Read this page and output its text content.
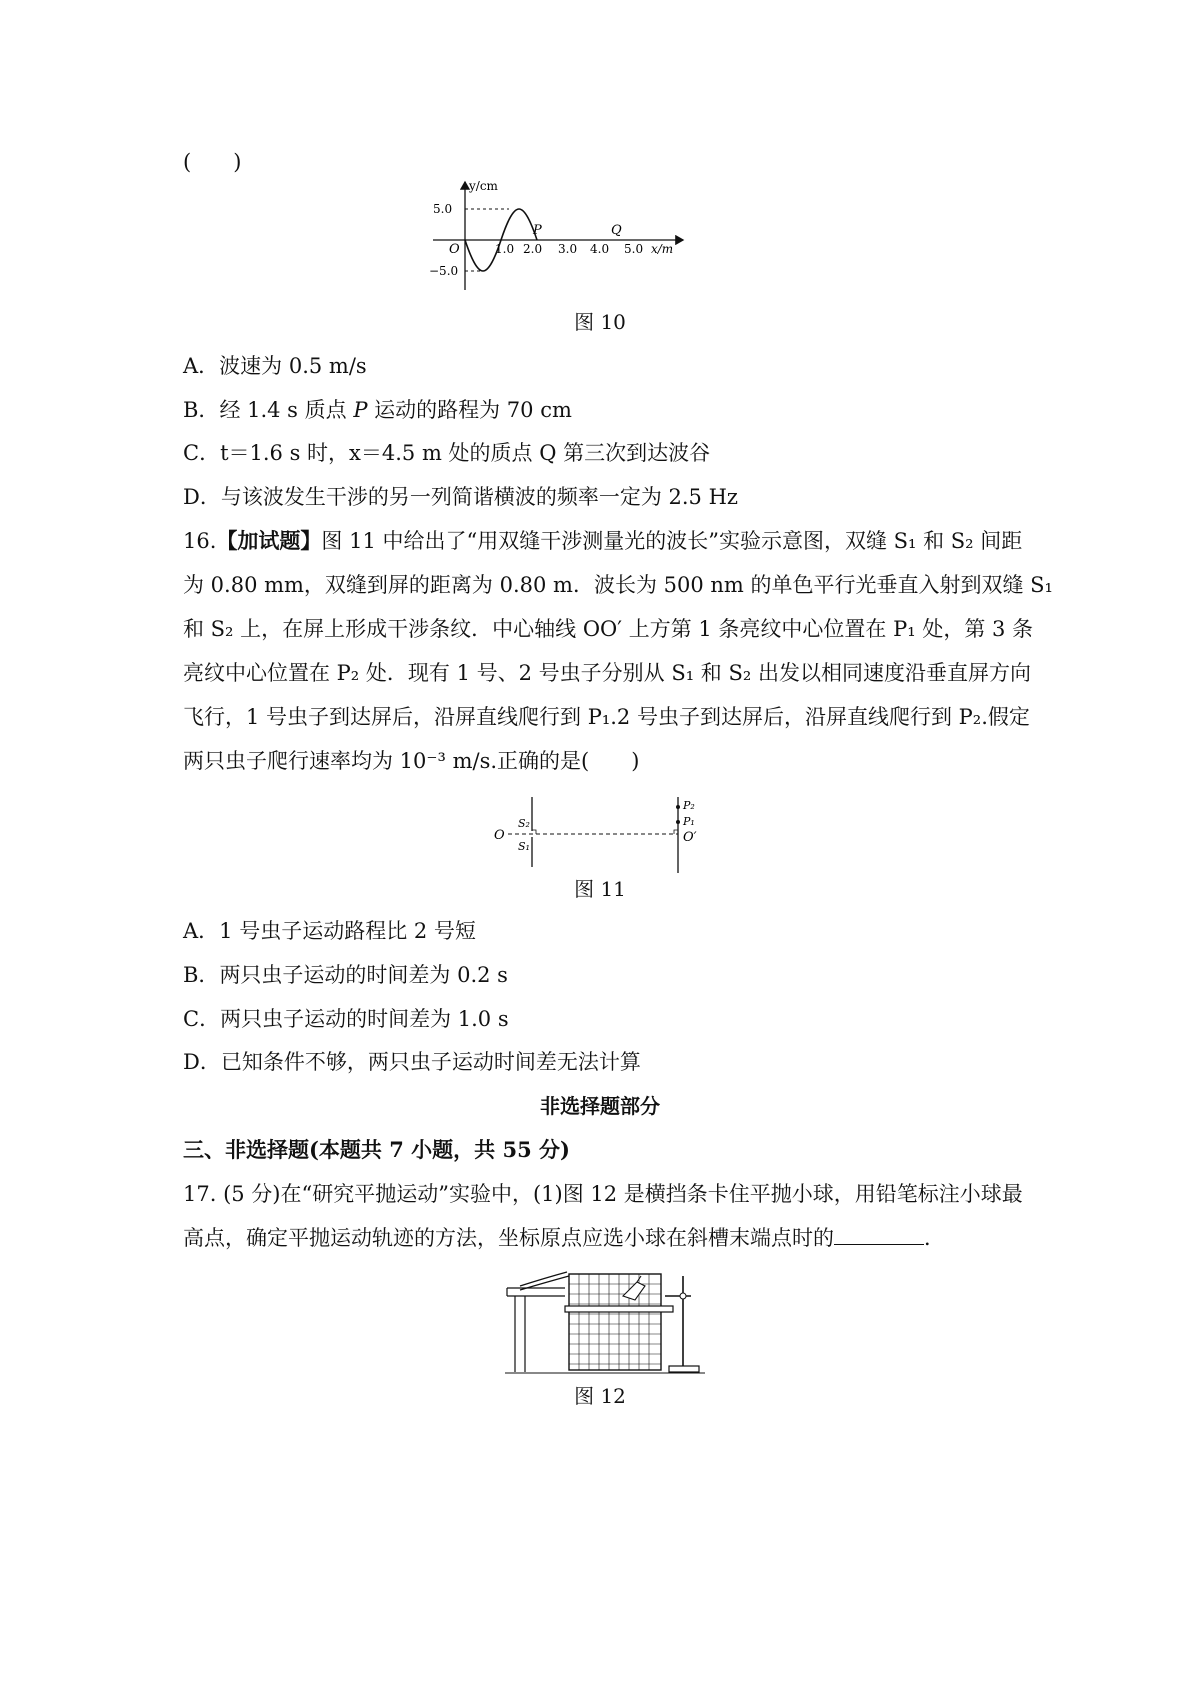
(　　)
y/cm
x/m
O
5.0
−5.0
1.0 2.0 3.0 4.0 5.0
P	Q
图 10
A．波速为 0.5 m/s
B．经 1.4 s 质点 P 运动的路程为 70 cm
C．t＝1.6 s 时，x＝4.5 m 处的质点 Q 第三次到达波谷
D．与该波发生干涉的另一列简谐横波的频率一定为 2.5 Hz
16.【加试题】图 11 中给出了“用双缝干涉测量光的波长”实验示意图，双缝 S₁ 和 S₂ 间距
为 0.80 mm，双缝到屏的距离为 0.80 m．波长为 500 nm 的单色平行光垂直入射到双缝 S₁
和 S₂ 上，在屏上形成干涉条纹．中心轴线 OO′ 上方第 1 条亮纹中心位置在 P₁ 处，第 3 条
亮纹中心位置在 P₂ 处．现有 1 号、2 号虫子分别从 S₁ 和 S₂ 出发以相同速度沿垂直屏方向
飞行，1 号虫子到达屏后，沿屏直线爬行到 P₁.2 号虫子到达屏后，沿屏直线爬行到 P₂.假定
两只虫子爬行速率均为 10⁻³ m/s.正确的是(　　)
O
S₂
S₁
P₂
P₁
O′
图 11
A．1 号虫子运动路程比 2 号短
B．两只虫子运动的时间差为 0.2 s
C．两只虫子运动的时间差为 1.0 s
D．已知条件不够，两只虫子运动时间差无法计算
非选择题部分
三、非选择题(本题共 7 小题，共 55 分)
17. (5 分)在“研究平抛运动”实验中，(1)图 12 是横挡条卡住平抛小球，用铅笔标注小球最
高点，确定平抛运动轨迹的方法，坐标原点应选小球在斜槽末端点时的	．
图 12
